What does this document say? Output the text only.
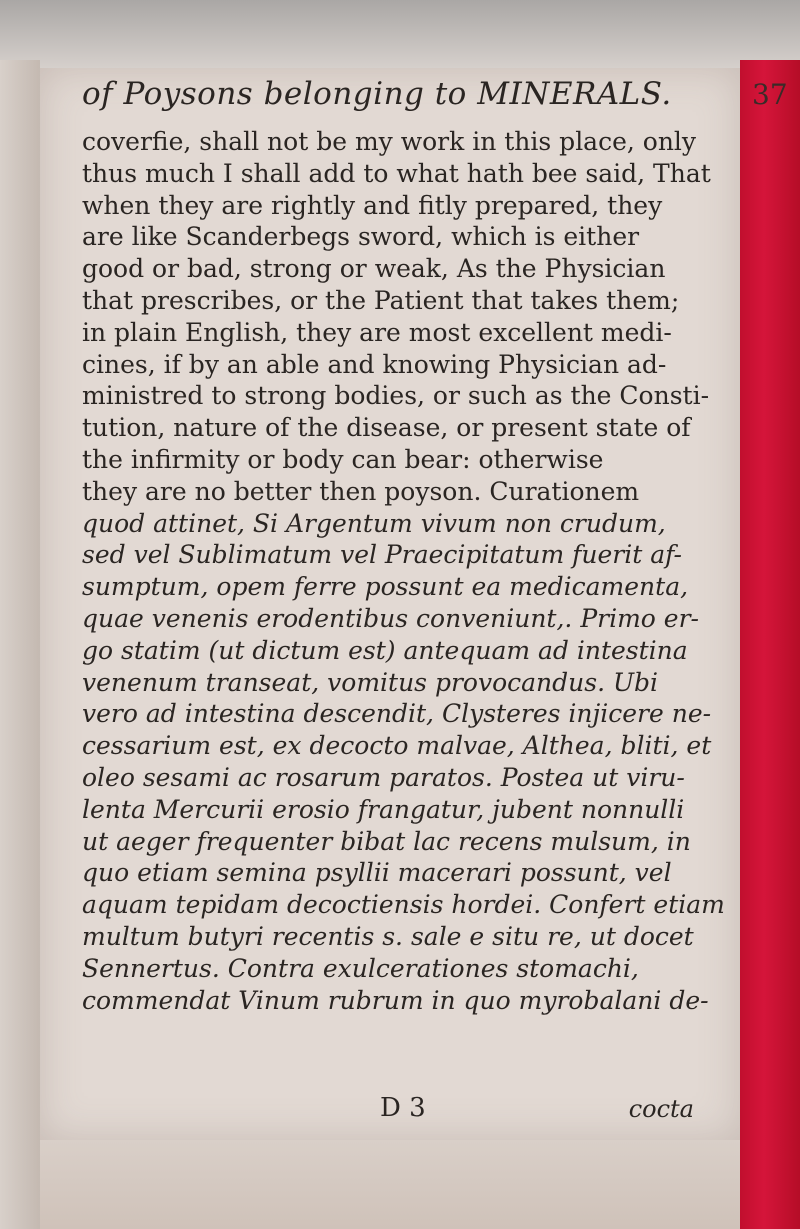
of Poysons belonging to MINERALS.	37
coverfie, shall not be my work in this place, only
thus much I shall add to what hath bee said, That
when they are rightly and fitly prepared, they
are like Scanderbegs sword, which is either
good or bad, strong or weak, As the Physician
that prescribes, or the Patient that takes them;
in plain English, they are most excellent medi-
cines, if by an able and knowing Physician ad-
ministred to strong bodies, or such as the Consti-
tution, nature of the disease, or present state of
the infirmity or body can bear: otherwise
they are no better then poyson. Curationem
quod attinet, Si Argentum vivum non crudum,
sed vel Sublimatum vel Praecipitatum fuerit af-
sumptum, opem ferre possunt ea medicamenta,
quae venenis erodentibus conveniunt,. Primo er-
go statim (ut dictum est) antequam ad intestina
venenum transeat, vomitus provocandus. Ubi
vero ad intestina descendit, Clysteres injicere ne-
cessarium est, ex decocto malvae, Althea, bliti, et
oleo sesami ac rosarum paratos. Postea ut viru-
lenta Mercurii erosio frangatur, jubent nonnulli
ut aeger frequenter bibat lac recens mulsum, in
quo etiam semina psyllii macerari possunt, vel
aquam tepidam decoctiensis hordei. Confert etiam
multum butyri recentis s. sale e situ re, ut docet
Sennertus. Contra exulcerationes stomachi,
commendat Vinum rubrum in quo myrobalani de-
D 3	cocta
